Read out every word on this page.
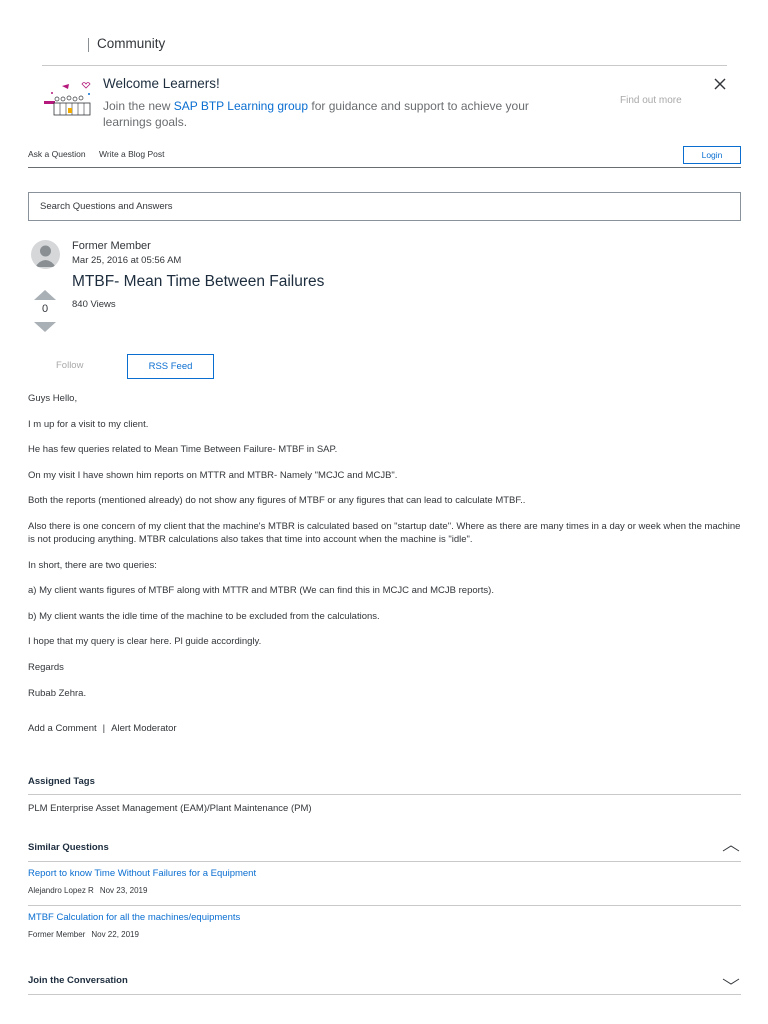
Community
Welcome Learners!
Join the new SAP BTP Learning group for guidance and support to achieve your learnings goals.
Find out more
Ask a Question Write a Blog Post	Login
Search Questions and Answers
Former Member
Mar 25, 2016 at 05:56 AM
MTBF- Mean Time Between Failures
840 Views
0
Follow	RSS Feed

Guys Hello,

I m up for a visit to my client.

He has few queries related to Mean Time Between Failure- MTBF in SAP.

On my visit I have shown him reports on MTTR and MTBR- Namely "MCJC and MCJB".

Both the reports (mentioned already) do not show any figures of MTBF or any figures that can lead to calculate MTBF..

Also there is one concern of my client that the machine's MTBR is calculated based on "startup date". Where as there are many times in a day or week when the machine is not producing anything. MTBR calculations also takes that time into account when the machine is "idle".

In short, there are two queries:

a) My client wants figures of MTBF along with MTTR and MTBR (We can find this in MCJC and MCJB reports).

b) My client wants the idle time of the machine to be excluded from the calculations.

I hope that my query is clear here. Pl guide accordingly.

Regards

Rubab Zehra.

Add a Comment | Alert Moderator
Assigned Tags
PLM Enterprise Asset Management (EAM)/Plant Maintenance (PM)
Similar Questions
Report to know Time Without Failures for a Equipment
Alejandro Lopez R Nov 23, 2019
MTBF Calculation for all the machines/equipments
Former Member Nov 22, 2019
Join the Conversation
